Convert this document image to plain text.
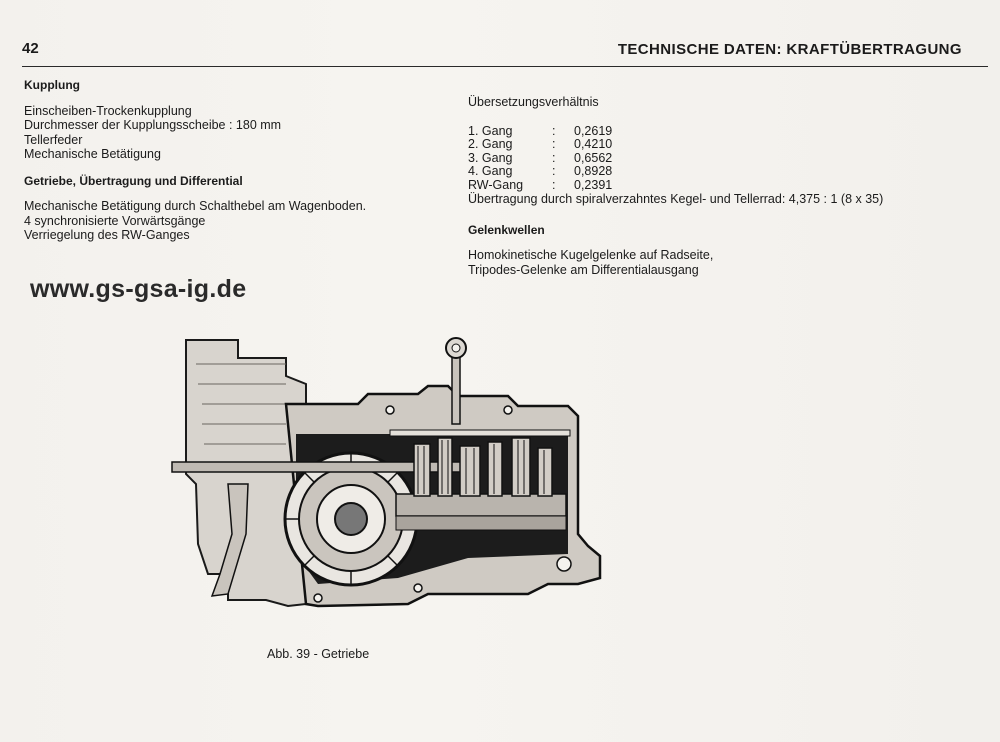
42	TECHNISCHE DATEN: KRAFTÜBERTRAGUNG
Kupplung
Einscheiben-Trockenkupplung
Durchmesser der Kupplungsscheibe : 180 mm
Tellerfeder
Mechanische Betätigung
Getriebe, Übertragung und Differential
Mechanische Betätigung durch Schalthebel am Wagenboden.
4 synchronisierte Vorwärtsgänge
Verriegelung des RW-Ganges
Übersetzungsverhältnis
1. Gang	:	0,2619
2. Gang	:	0,4210
3. Gang	:	0,6562
4. Gang	:	0,8928
RW-Gang	:	0,2391
Übertragung durch spiralverzahntes Kegel- und Tellerrad: 4,375 : 1 (8 x 35)
Gelenkwellen
Homokinetische Kugelgelenke auf Radseite,
Tripodes-Gelenke am Differentialausgang
www.gs-gsa-ig.de
Abb. 39 - Getriebe
